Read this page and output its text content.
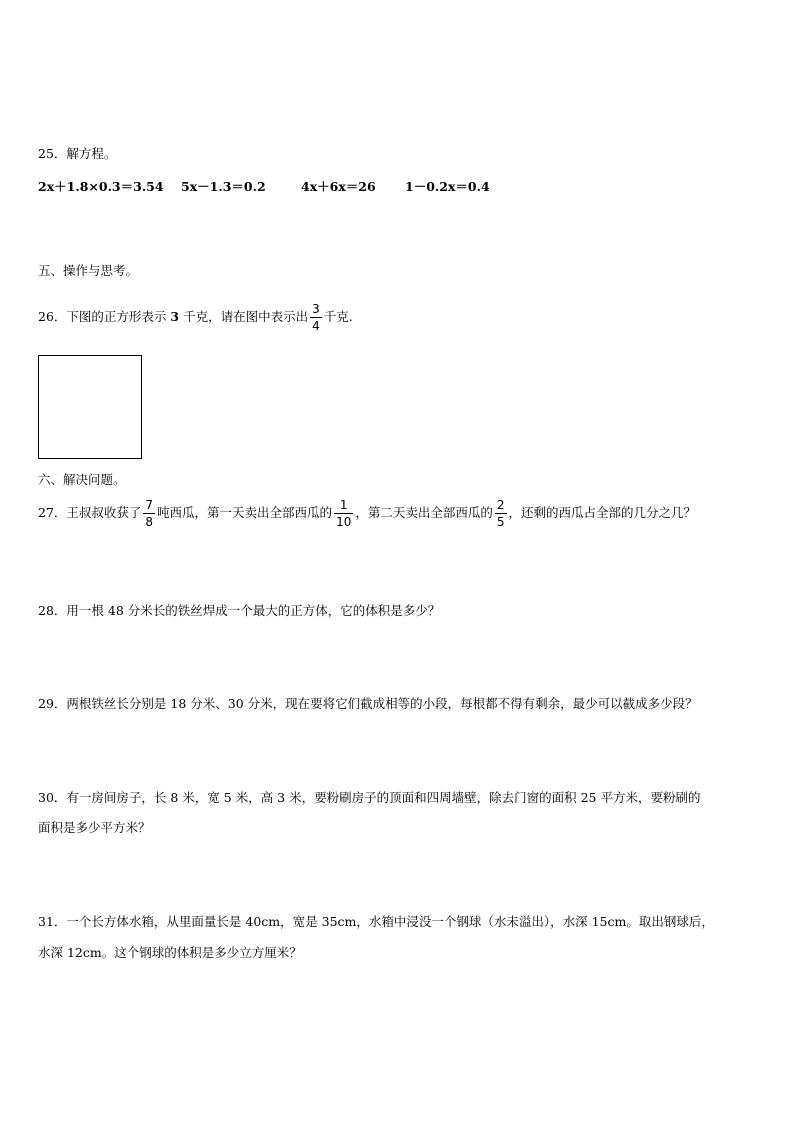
25．解方程。
2x＋1.8×0.3＝3.54 5x－1.3＝0.2	4x＋6x＝26 1－0.2x＝0.4
五、操作与思考。
26．下图的正方形表示 3 千克，请在图中表示出 $\frac{3}{4}$ 千克.
六、解决问题。
27．王叔叔收获了 $\frac{7}{8}$ 吨西瓜，第一天卖出全部西瓜的 $\frac{1}{10}$ ，第二天卖出全部西瓜的 $\frac{2}{5}$ ，还剩的西瓜占全部的几分之几？
28．用一根 48 分米长的铁丝焊成一个最大的正方体，它的体积是多少？
29．两根铁丝长分别是 18 分米、30 分米，现在要将它们截成相等的小段，每根都不得有剩余，最少可以截成多少段？
30．有一房间房子，长 8 米，宽 5 米，高 3 米，要粉刷房子的顶面和四周墙壁，除去门窗的面积 25 平方米，要粉刷的
面积是多少平方米？
31．一个长方体水箱，从里面量长是 40cm，宽是 35cm，水箱中浸没一个钢球（水未溢出），水深 15cm。取出钢球后，
水深 12cm。这个钢球的体积是多少立方厘米？
